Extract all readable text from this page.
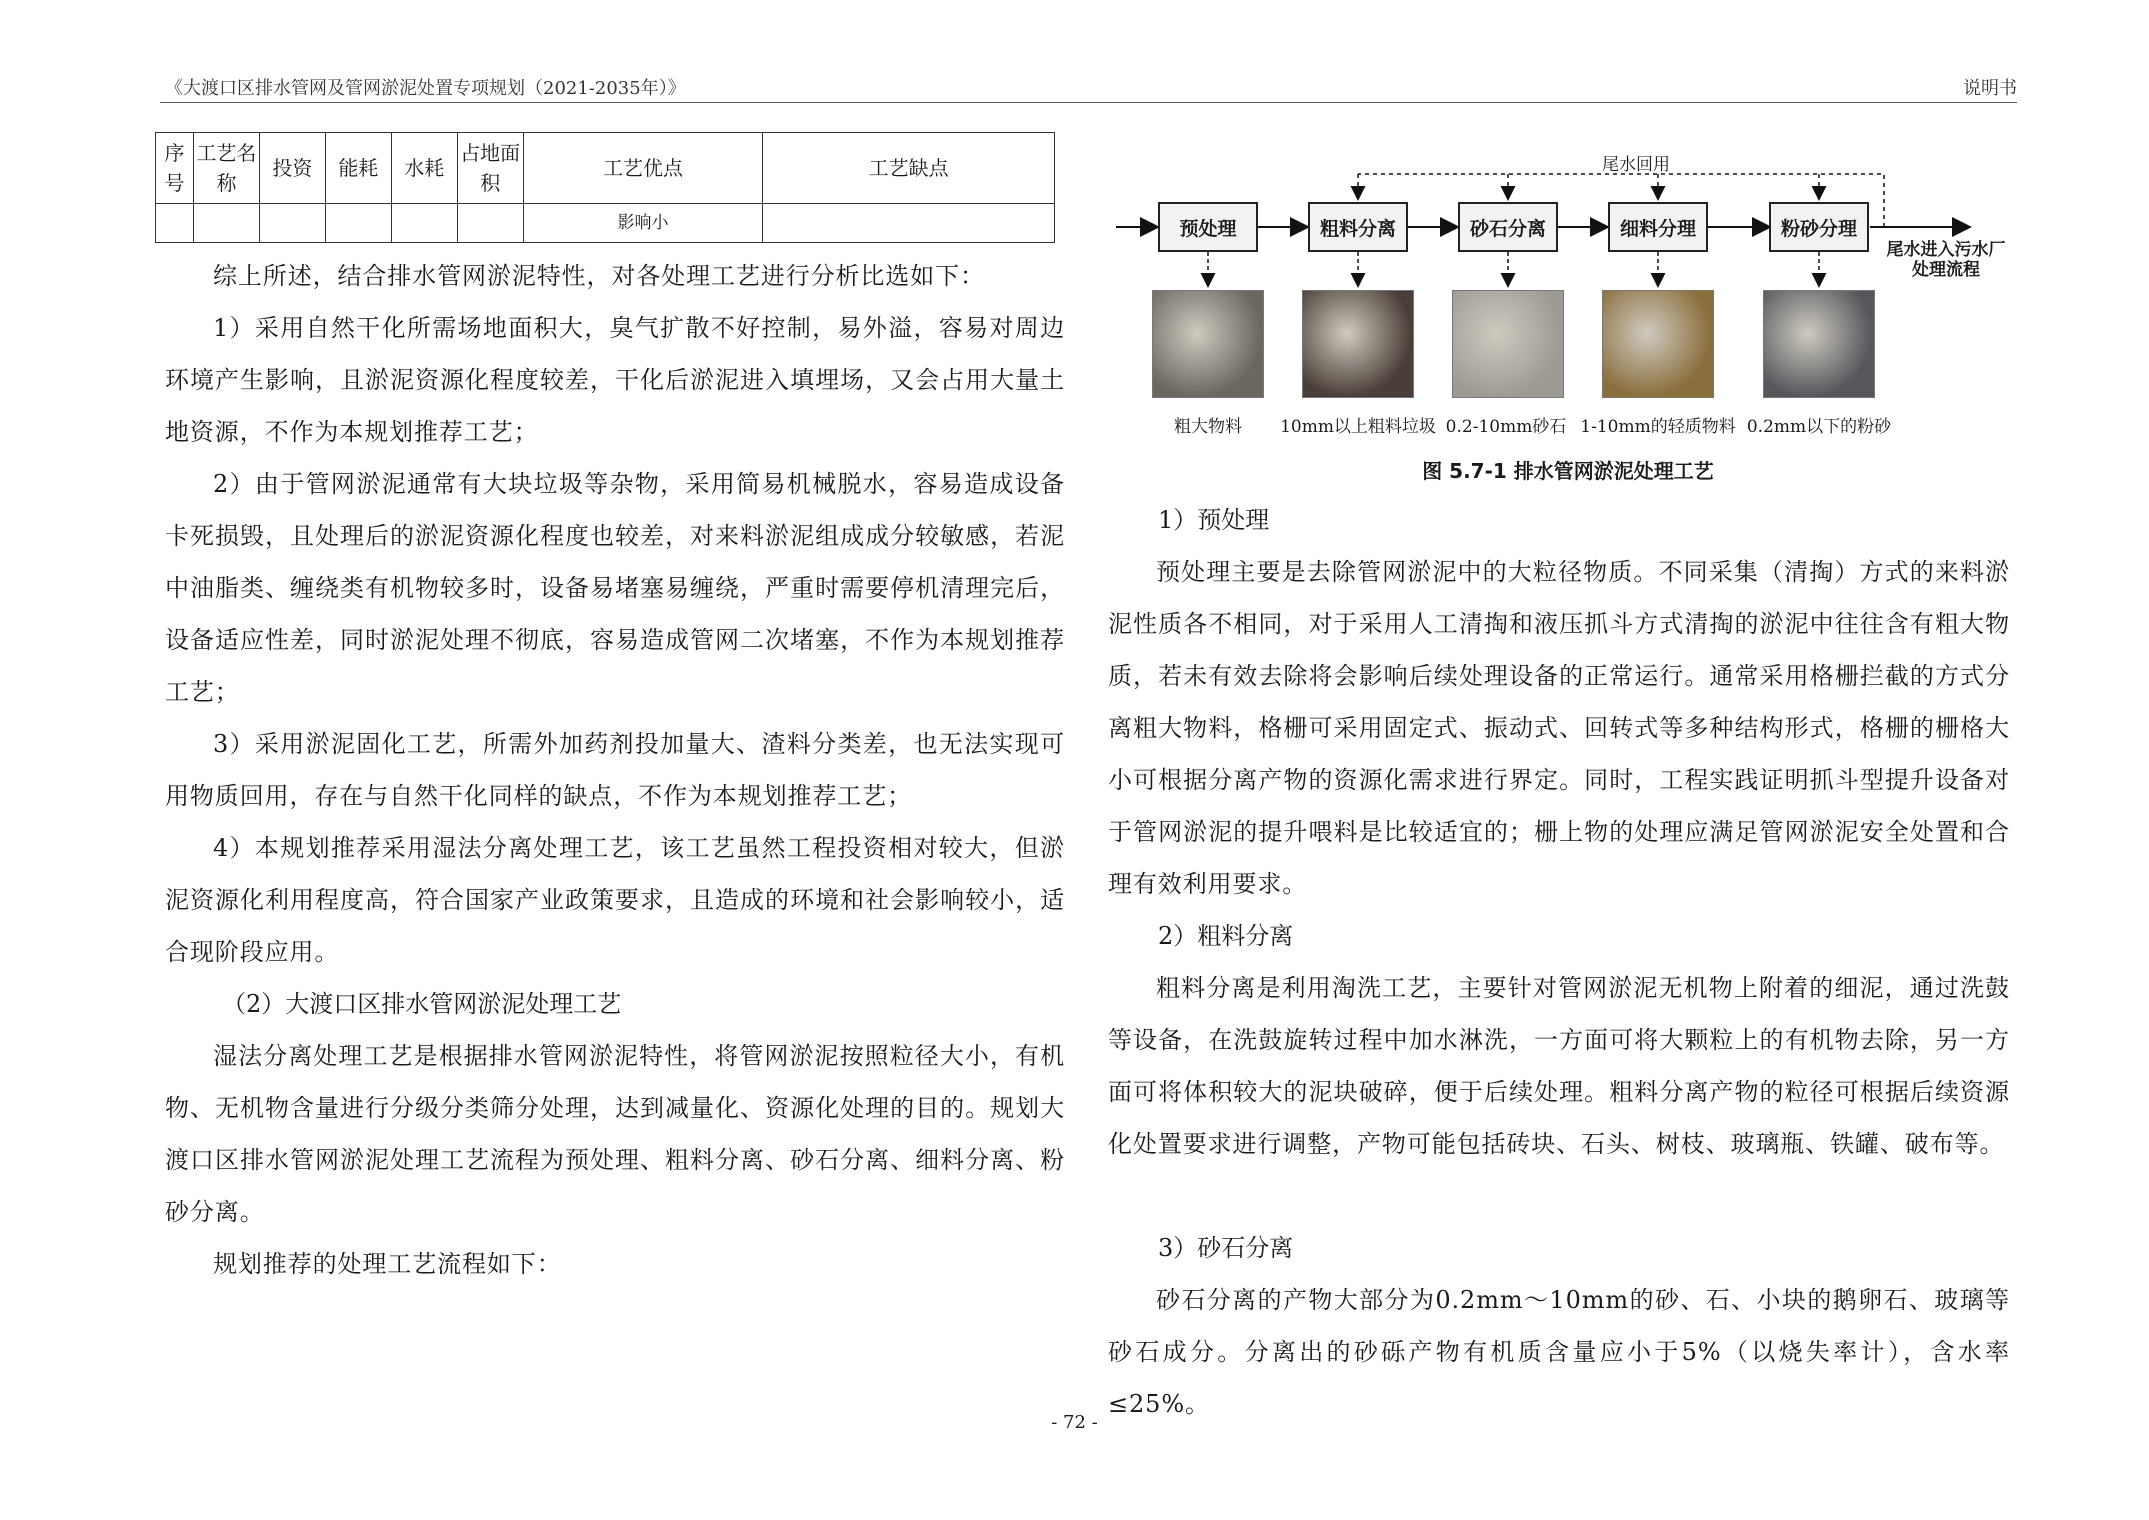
《大渡口区排水管网及管网淤泥处置专项规划（2021-2035年）》	说明书
序号	工艺名称	投资	能耗	水耗	占地面积	工艺优点	工艺缺点
						影响小	

综上所述，结合排水管网淤泥特性，对各处理工艺进行分析比选如下：

1）采用自然干化所需场地面积大，臭气扩散不好控制，易外溢，容易对周边环境产生影响，且淤泥资源化程度较差，干化后淤泥进入填埋场，又会占用大量土地资源，不作为本规划推荐工艺；

2）由于管网淤泥通常有大块垃圾等杂物，采用简易机械脱水，容易造成设备卡死损毁，且处理后的淤泥资源化程度也较差，对来料淤泥组成成分较敏感，若泥中油脂类、缠绕类有机物较多时，设备易堵塞易缠绕，严重时需要停机清理完后，设备适应性差，同时淤泥处理不彻底，容易造成管网二次堵塞，不作为本规划推荐工艺；

3）采用淤泥固化工艺，所需外加药剂投加量大、渣料分类差，也无法实现可用物质回用，存在与自然干化同样的缺点，不作为本规划推荐工艺；

4）本规划推荐采用湿法分离处理工艺，该工艺虽然工程投资相对较大，但淤泥资源化利用程度高，符合国家产业政策要求，且造成的环境和社会影响较小，适合现阶段应用。

（2）大渡口区排水管网淤泥处理工艺

湿法分离处理工艺是根据排水管网淤泥特性，将管网淤泥按照粒径大小，有机物、无机物含量进行分级分类筛分处理，达到减量化、资源化处理的目的。规划大渡口区排水管网淤泥处理工艺流程为预处理、粗料分离、砂石分离、细料分离、粉砂分离。

规划推荐的处理工艺流程如下：

尾水回用
预处理	粗料分离	砂石分离	细料分理	粉砂分理
尾水进入污水厂处理流程
粗大物料 10mm以上粗料垃圾 0.2-10mm砂石 1-10mm的轻质物料 0.2mm以下的粉砂
图 5.7-1 排水管网淤泥处理工艺

1）预处理

预处理主要是去除管网淤泥中的大粒径物质。不同采集（清掏）方式的来料淤泥性质各不相同，对于采用人工清掏和液压抓斗方式清掏的淤泥中往往含有粗大物质，若未有效去除将会影响后续处理设备的正常运行。通常采用格栅拦截的方式分离粗大物料，格栅可采用固定式、振动式、回转式等多种结构形式，格栅的栅格大小可根据分离产物的资源化需求进行界定。同时，工程实践证明抓斗型提升设备对于管网淤泥的提升喂料是比较适宜的；栅上物的处理应满足管网淤泥安全处置和合理有效利用要求。

2）粗料分离

粗料分离是利用淘洗工艺，主要针对管网淤泥无机物上附着的细泥，通过洗鼓等设备，在洗鼓旋转过程中加水淋洗，一方面可将大颗粒上的有机物去除，另一方面可将体积较大的泥块破碎，便于后续处理。粗料分离产物的粒径可根据后续资源化处置要求进行调整，产物可能包括砖块、石头、树枝、玻璃瓶、铁罐、破布等。

3）砂石分离

砂石分离的产物大部分为0.2mm～10mm的砂、石、小块的鹅卵石、玻璃等砂石成分。分离出的砂砾产物有机质含量应小于5%（以烧失率计），含水率≤25%。

- 72 -
